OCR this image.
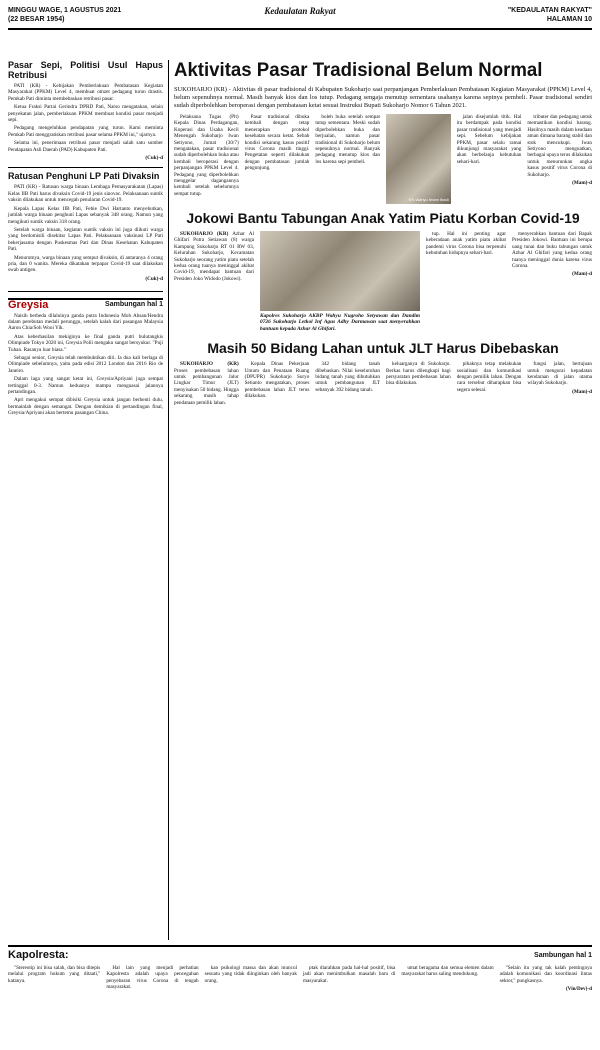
MINGGU WAGE, 1 AGUSTUS 2021
(22 BESAR 1954)
Kedaulatan Rakyat	"KEDAULATAN RAKYAT"
HALAMAN 10
Pasar Sepi, Politisi Usul Hapus Retribusi

PATI (KR) - Kebijakan Pemberlakuan Pembatasan Kegiatan Masyarakat (PPKM) Level 4, membuat omzet pedagang turun drastis. Pemkab Pati diminta membebaskan retribusi pasar.

Ketua Fraksi Partai Gerindra DPRD Pati, Narso mengatakan, selain penyekatan jalan, pemberlakuan PPKM membuat kondisi pasar menjadi sepi.

Pedagang mengeluhkan pendapatan yang turun. Kami meminta Pemkab Pati menggratiskan retribusi pasar selama PPKM ini," ujarnya.

Selama ini, penerimaan retribusi pasar menjadi salah satu sumber Pendapatan Asli Daerah (PAD) Kabupaten Pati.

(Cuk)-d
Ratusan Penghuni LP Pati Divaksin

PATI (KR) - Ratusan warga binaan Lembaga Pemasyarakatan (Lapas) Kelas IIB Pati harus divaksin Covid-19 jenis sinovac. Pelaksanaan suntik vaksin dilakukan untuk mencegah penularan Covid-19.

Kepala Lapas Kelas IIB Pati, Febie Dwi Hartanto menyebutkan, jumlah warga binaan penghuni Lapas sebanyak 348 orang. Namun yang mengikuti suntik vaksin 318 orang.

Setelah warga binaan, kegiatan suntik vaksin ini juga diikuti warga yang berdomisili disekitar Lapas Pati. Pelaksanaan vaksinasi LP Pati bekerjasama dengan Puskesmas Pati dan Dinas Kesehatan Kabupaten Pati.

Menurutnya, warga binaan yang semput divaksin, di antaranya 4 orang pria, dan 0 wanita. Mereka dikatakan terpapar Covid-19 saat dilakukan swab antigen.

(Cuk)-d
Greysia	Sambungan hal 1

Naisih berbeda dilaluinya ganda putra Indonesia Moh Ahsan/Hendra dalam perebutan medali perunggu, setelah kalah dari pasangan Malaysia Aaron Chia/Soh Wooi Yik.

Atas keberhasilan mekiginya ke final ganda putri bulutangkis Olimpiade Tokyo 2020 ini, Greysia Polii mengaku sangat bersyukur. "Puji Tuhan. Rasanya luar biasa."

Sebagai senior, Greysia telah membuktikan diri. Ia dua kali berlaga di Olimpiade sebelumnya, yaitu pada edisi 2012 London dan 2016 Rio de Janeiro.

Dalam laga yang sangat ketat ini, Greysia/Apriyani juga sempat tertinggal 0-3. Namun keduanya mampu menguasai jalannya pertandingan.

Apri mengakui sempat dibisiki Greysia untuk jangan berhenti dulu, bermainlah dengan semangat. Dengan demikian di pertandingan final, Greysia/Apriyani akan bertemu pasangan China.

Aktivitas Pasar Tradisional Belum Normal
SUKOHARJO (KR) - Aktivitas di pasar tradisional di Kabupaten Sukoharjo saat perpanjangan Pemberlakuan Pembatasan Kegiatan Masyarakat (PPKM) Level 4, belum sepenuhnya normal. Masih banyak kios dan los tutup. Pedagang sengaja menutup sementara usahanya karena sepinya pembeli. Pasar tradisional sendiri sudah diperbolehkan beroperasi dengan pembatasan ketat sesuai Instruksi Bupati Sukoharjo Nomor 6 Tahun 2021.

Pelaksana Tugas (Plt) Kepala Dinas Perdagangan, Koperasi dan Usaha Kecil Menengah Sukoharjo Iwan Setiyono, Jumat (30/7) mengatakan, pasar tradisional sudah diperbolehkan buka atau kembali beroperasi dengan perpanjangan PPKM Level 4. Pedagang yang diperbolehkan menggelar dagangannya kembali setelah sebelumnya sempat tutup.

Pasar tradisional dibuka kembali dengan tetap menerapkan protokol kesehatan secara ketat. Sebab kondisi sekarang kasus positif virus Corona masih tinggi. Pengetatan seperti dilakukan dengan pembatasan jumlah pengunjung.

boleh buka setelah sempat tutup sementara. Meski sudah diperbolehkan buka dan berjualan, namun pasar tradisional di Sukoharjo belum sepenuhnya normal. Banyak pedagang menutup kios dan los karena sepi pembeli.

KR-Wahyu Imam Ibadi

jalan disejumlah titik. Hal itu berdampak pada kondisi pasar tradisional yang menjadi sepi. Sebelum kebijakan PPKM, pasar selalu ramai dikunjungi masyarakat yang akan berbelanja kebutuhan sehari-hari.

tributer dan pedagang untuk memastikan kondisi barang. Hasilnya masih dalam keadaan aman dimana barang stabil dan stok mencukupi. Iwan Setiyono menguatkan, berbagai upaya terus dilakukan untuk menurunkan angka kasus positif virus Corona di Sukoharjo.

(Mam)-d
Jokowi Bantu Tabungan Anak Yatim Piatu Korban Covid-19

SUKOHARJO (KR) Azhar Al Ghifari Putra Setiawan (8) warga Kampung Sukoharjo RT 01 RW 03, Kelurahan Sukoharjo, Kecamatan Sukoharjo seorang yatim piatu setelah kedua orang tuanya meninggal akibat Covid-19, mendapat bantuan dari Presiden Joko Widodo (Jokowi).

Kapolres Sukoharjo AKBP Wahyu Nugroho Setyawan dan Dandim 0726 Sukoharjo Letkol Inf Agus Adhy Darmawan saat menyerahkan bantuan kepada Azhar Al Ghifari.

tup. Hal ini penting agar keberadaan anak yatim piatu akibat pandemi virus Corona bisa terpenuhi kebutuhan hidupnya sehari-hari.

menyerahkan bantuan dari Bapak Presiden Jokowi. Bantuan ini berupa uang tunai dan buku tabungan untuk Azhar Al Ghifari yang kedua orang tuanya meninggal dunia karena virus Corona.

(Mam)-d
Masih 50 Bidang Lahan untuk JLT Harus Dibebaskan

SUKOHARJO (KR) Proses pembebasan lahan untuk pembangunan Jalur Lingkar Timur (JLT) menyisakan 50 bidang. Hingga sekarang masih tahap pendataan pemilik lahan.

Kepala Dinas Pekerjaan Umum dan Penataan Ruang (DPUPR) Sukoharjo Suryo Setianto mengatakan, proses pembebasan lahan JLT terus dilakukan.

342 bidang tanah dibebaskan. Nilai keseluruhan bidang tanah yang dibutuhkan untuk pembangunan JLT sebanyak 392 bidang tanah.

keluarganya di Sukoharjo. Berkas harus dilengkapi bagi persyaratan pembebasan lahan bisa dilakukan.

pihaknya tetap melakukan sosialisasi dan komunikasi dengan pemilik lahan. Dengan cara tersebut diharapkan bisa segera selesai.

fungsi jalan, bertujuan untuk mengurai kepadatan kendaraan di jalan utama wilayah Sukoharjo.

(Mam)-d
Kapolresta:	Sambungan hal 1

"Stereotip ini bisa salah, dan bisa ditepis melalui program hukum yang ditaati," katanya.

Hal lain yang menjadi perhatian Kapolresta adalah upaya pencegahan penyebaran virus Corona di tengah masyarakat.

kan psikologi massa dan akan muncul sesuatu yang tidak diinginkan oleh banyak orang.

ptak diarahkan pada hal-hal positif, bisa jadi akan menimbulkan masalah baru di masyarakat.

umat beragama dan semua elemen dalam masyarakat harus saling mendukung.

"Selain itu yang tak kalah pentingnya adalah komunikasi dan koordinasi lintas sektor," pungkasnya.

(Vin/Dev)-d
